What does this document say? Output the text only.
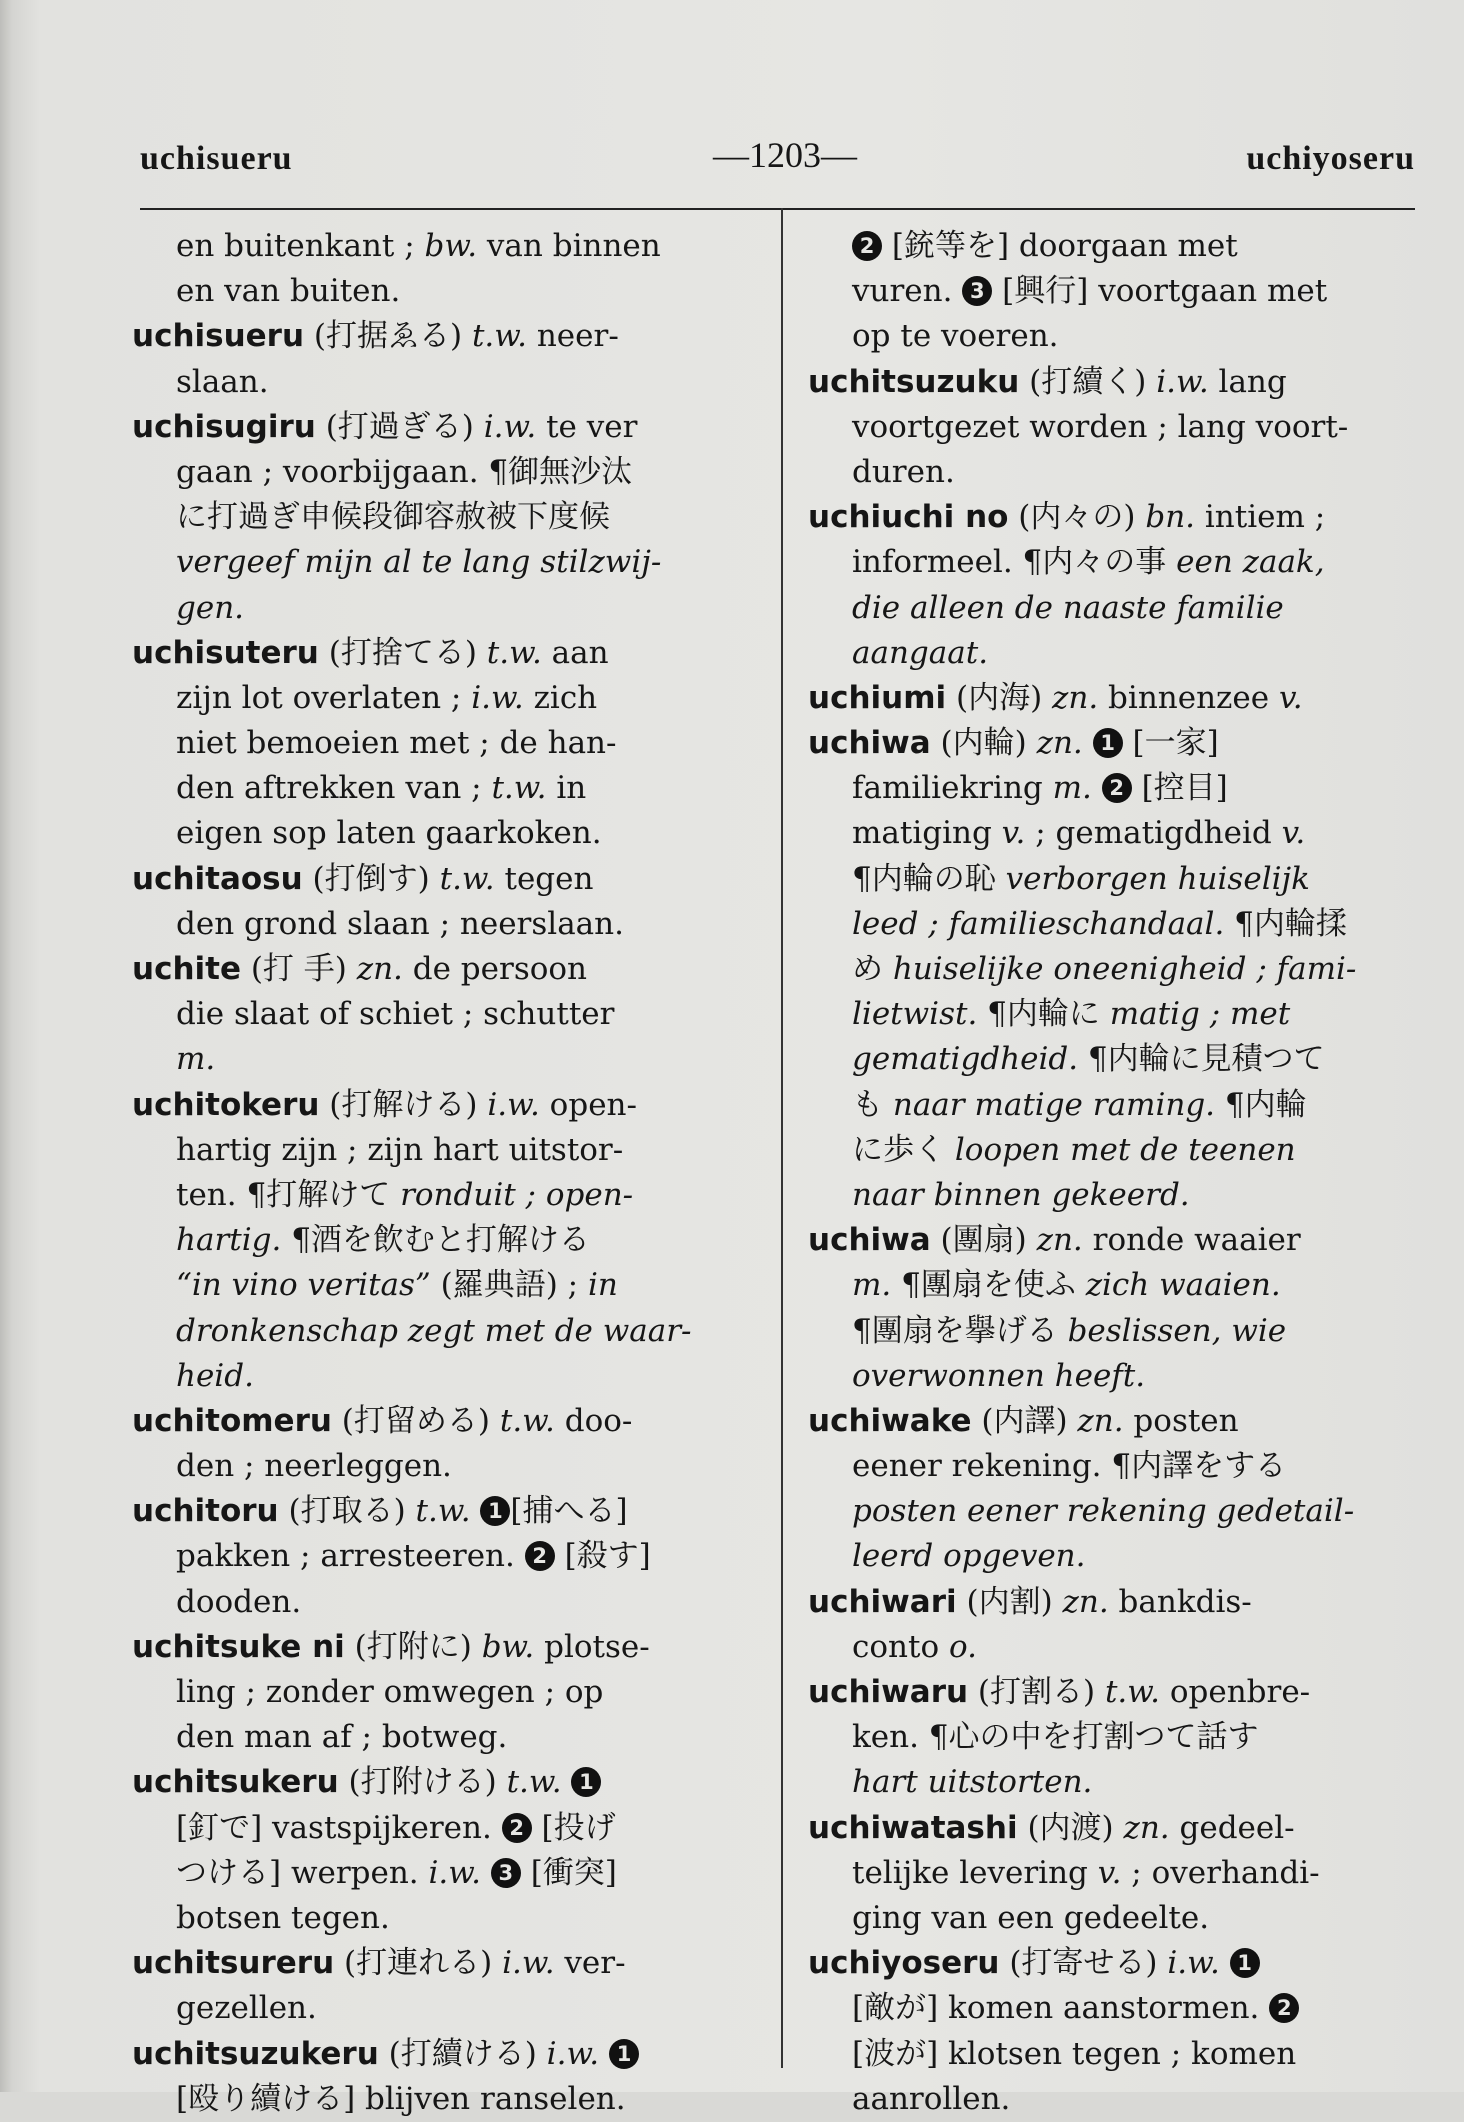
uchisueru	—1203—	uchiyoseru
en buitenkant ; bw. van binnen
en van buiten.
uchisueru (打据ゑる) t.w. neer-
slaan.
uchisugiru (打過ぎる) i.w. te ver
gaan ; voorbijgaan. ¶御無沙汰
に打過ぎ申候段御容赦被下度候
vergeef mijn al te lang stilzwij-
gen.
uchisuteru (打捨てる) t.w. aan
zijn lot overlaten ; i.w. zich
niet bemoeien met ; de han-
den aftrekken van ; t.w. in
eigen sop laten gaarkoken.
uchitaosu (打倒す) t.w. tegen
den grond slaan ; neerslaan.
uchite (打 手) zn. de persoon
die slaat of schiet ; schutter
m.
uchitokeru (打解ける) i.w. open-
hartig zijn ; zijn hart uitstor-
ten. ¶打解けて ronduit ; open-
hartig. ¶酒を飲むと打解ける
“in vino veritas” (羅典語) ; in
dronkenschap zegt met de waar-
heid.
uchitomeru (打留める) t.w. doo-
den ; neerleggen.
uchitoru (打取る) t.w. 1 [捕へる]
pakken ; arresteeren. 2 [殺す]
dooden.
uchitsuke ni (打附に) bw. plotse-
ling ; zonder omwegen ; op
den man af ; botweg.
uchitsukeru (打附ける) t.w. 1
[釘で] vastspijkeren. 2 [投げ
つける] werpen. i.w. 3 [衝突]
botsen tegen.
uchitsureru (打連れる) i.w. ver-
gezellen.
uchitsuzukeru (打續ける) i.w. 1
[殴り續ける] blijven ranselen.
2 [銃等を] doorgaan met
vuren. 3 [興行] voortgaan met
op te voeren.
uchitsuzuku (打續く) i.w. lang
voortgezet worden ; lang voort-
duren.
uchiuchi no (内々の) bn. intiem ;
informeel. ¶内々の事 een zaak,
die alleen de naaste familie
aangaat.
uchiumi (内海) zn. binnenzee v.
uchiwa (内輪) zn. 1 [一家]
familiekring m. 2 [控目]
matiging v. ; gematigdheid v.
¶内輪の恥 verborgen huiselijk
leed ; familieschandaal. ¶内輪揉
め huiselijke oneenigheid ; fami-
lietwist. ¶内輪に matig ; met
gematigdheid. ¶内輪に見積つて
も naar matige raming. ¶内輪
に歩く loopen met de teenen
naar binnen gekeerd.
uchiwa (團扇) zn. ronde waaier
m. ¶團扇を使ふ zich waaien.
¶團扇を擧げる beslissen, wie
overwonnen heeft.
uchiwake (内譯) zn. posten
eener rekening. ¶内譯をする
posten eener rekening gedetail-
leerd opgeven.
uchiwari (内割) zn. bankdis-
conto o.
uchiwaru (打割る) t.w. openbre-
ken. ¶心の中を打割つて話す
hart uitstorten.
uchiwatashi (内渡) zn. gedeel-
telijke levering v. ; overhandi-
ging van een gedeelte.
uchiyoseru (打寄せる) i.w. 1
[敵が] komen aanstormen. 2
[波が] klotsen tegen ; komen
aanrollen.
